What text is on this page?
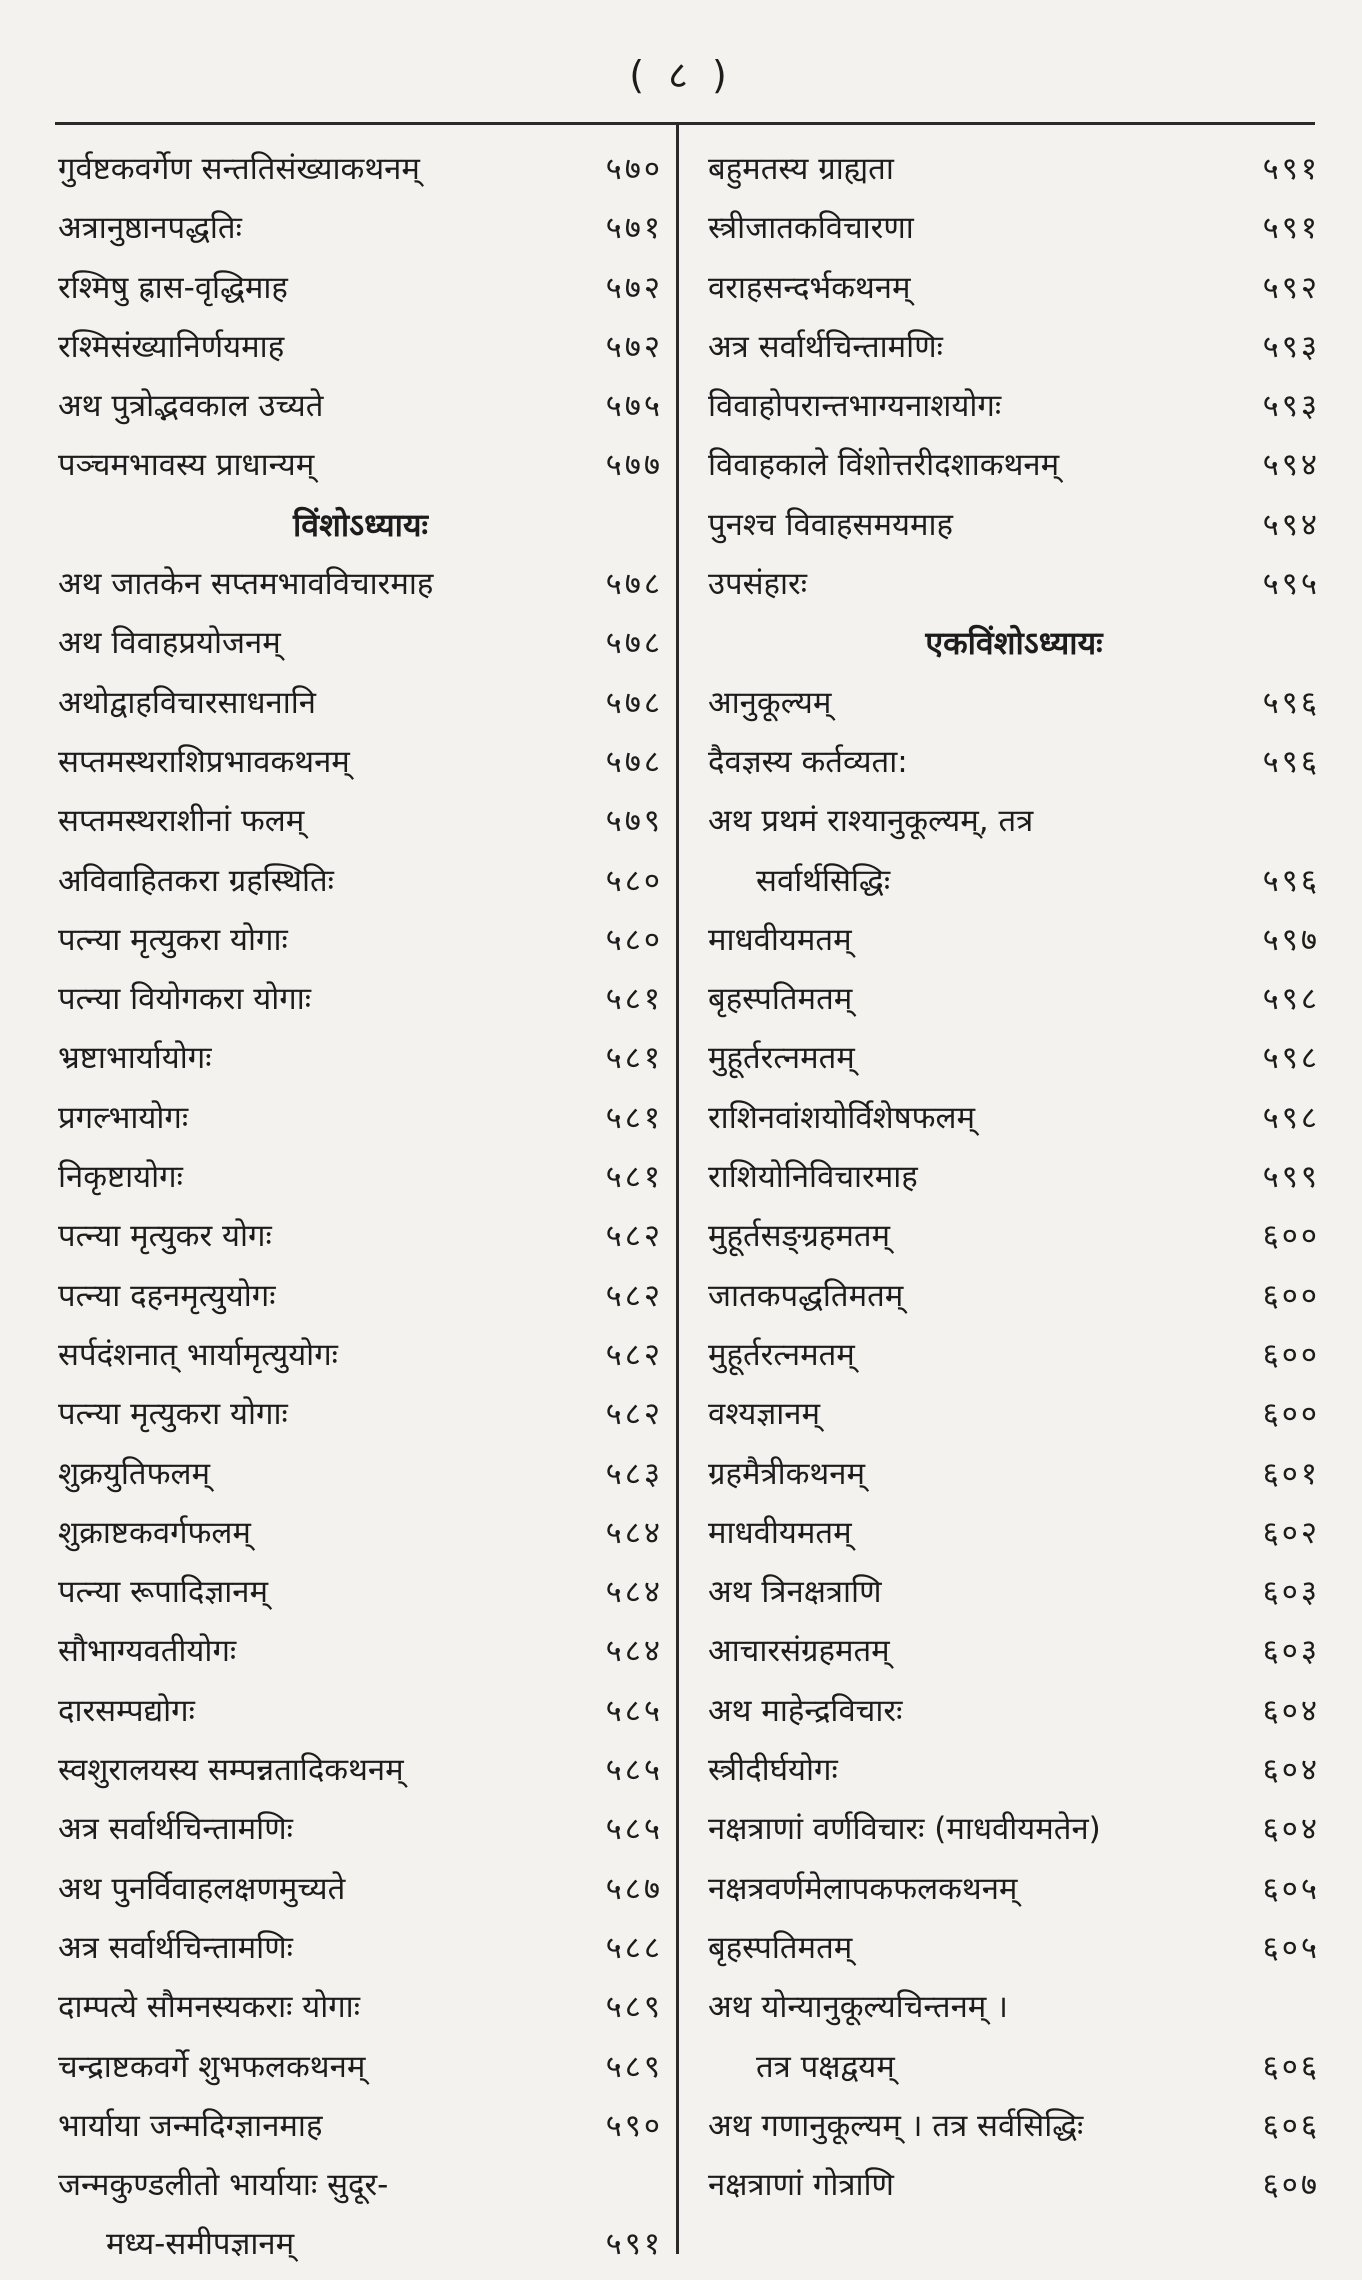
( ८ )
गुर्वष्टकवर्गेण सन्ततिसंख्याकथनम्	५७०
अत्रानुष्ठानपद्धतिः	५७१
रश्मिषु ह्रास-वृद्धिमाह	५७२
रश्मिसंख्यानिर्णयमाह	५७२
अथ पुत्रोद्भवकाल उच्यते	५७५
पञ्चमभावस्य प्राधान्यम्	५७७
विंशोऽध्यायः
अथ जातकेन सप्तमभावविचारमाह	५७८
अथ विवाहप्रयोजनम्	५७८
अथोद्वाहविचारसाधनानि	५७८
सप्तमस्थराशिप्रभावकथनम्	५७८
सप्तमस्थराशीनां फलम्	५७९
अविवाहितकरा ग्रहस्थितिः	५८०
पत्न्या मृत्युकरा योगाः	५८०
पत्न्या वियोगकरा योगाः	५८१
भ्रष्टाभार्यायोगः	५८१
प्रगल्भायोगः	५८१
निकृष्टायोगः	५८१
पत्न्या मृत्युकर योगः	५८२
पत्न्या दहनमृत्युयोगः	५८२
सर्पदंशनात् भार्यामृत्युयोगः	५८२
पत्न्या मृत्युकरा योगाः	५८२
शुक्रयुतिफलम्	५८३
शुक्राष्टकवर्गफलम्	५८४
पत्न्या रूपादिज्ञानम्	५८४
सौभाग्यवतीयोगः	५८४
दारसम्पद्योगः	५८५
स्वशुरालयस्य सम्पन्नतादिकथनम्	५८५
अत्र सर्वार्थचिन्तामणिः	५८५
अथ पुनर्विवाहलक्षणमुच्यते	५८७
अत्र सर्वार्थचिन्तामणिः	५८८
दाम्पत्ये सौमनस्यकराः योगाः	५८९
चन्द्राष्टकवर्गे शुभफलकथनम्	५८९
भार्याया जन्मदिग्ज्ञानमाह	५९०
जन्मकुण्डलीतो भार्यायाः सुदूर-
मध्य-समीपज्ञानम्	५९१
बहुमतस्य ग्राह्यता	५९१
स्त्रीजातकविचारणा	५९१
वराहसन्दर्भकथनम्	५९२
अत्र सर्वार्थचिन्तामणिः	५९३
विवाहोपरान्तभाग्यनाशयोगः	५९३
विवाहकाले विंशोत्तरीदशाकथनम्	५९४
पुनश्च विवाहसमयमाह	५९४
उपसंहारः	५९५
एकविंशोऽध्यायः
आनुकूल्यम्	५९६
दैवज्ञस्य कर्तव्यता:	५९६
अथ प्रथमं राश्यानुकूल्यम्, तत्र
सर्वार्थसिद्धिः	५९६
माधवीयमतम्	५९७
बृहस्पतिमतम्	५९८
मुहूर्तरत्नमतम्	५९८
राशिनवांशयोर्विशेषफलम्	५९८
राशियोनिविचारमाह	५९९
मुहूर्तसङ्ग्रहमतम्	६००
जातकपद्धतिमतम्	६००
मुहूर्तरत्नमतम्	६००
वश्यज्ञानम्	६००
ग्रहमैत्रीकथनम्	६०१
माधवीयमतम्	६०२
अथ त्रिनक्षत्राणि	६०३
आचारसंग्रहमतम्	६०३
अथ माहेन्द्रविचारः	६०४
स्त्रीदीर्घयोगः	६०४
नक्षत्राणां वर्णविचारः (माधवीयमतेन)	६०४
नक्षत्रवर्णमेलापकफलकथनम्	६०५
बृहस्पतिमतम्	६०५
अथ योन्यानुकूल्यचिन्तनम् ।
तत्र पक्षद्वयम्	६०६
अथ गणानुकूल्यम् । तत्र सर्वसिद्धिः	६०६
नक्षत्राणां गोत्राणि	६०७
